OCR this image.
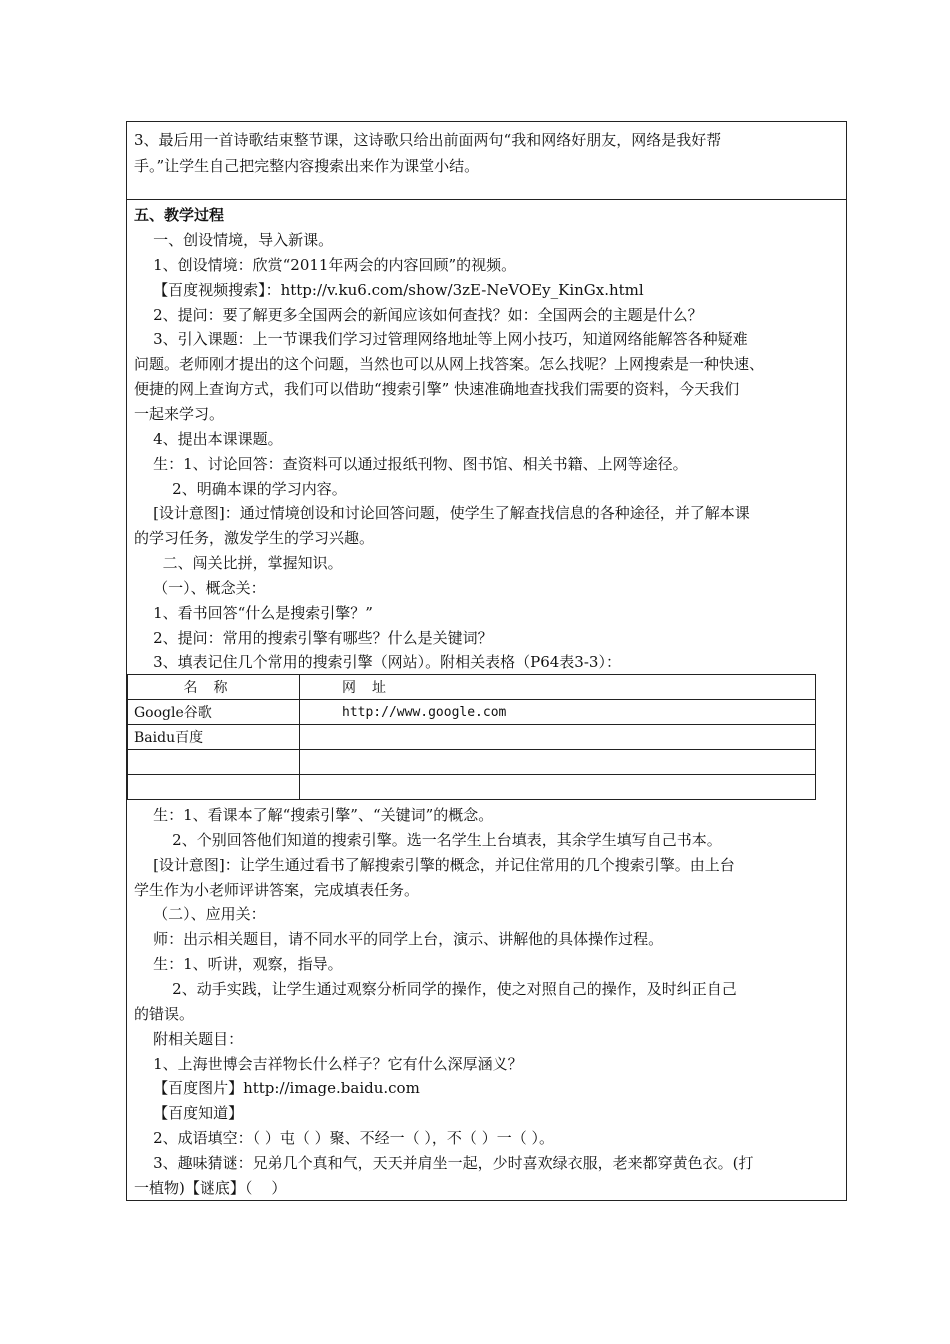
3、最后用一首诗歌结束整节课，这诗歌只给出前面两句“我和网络好朋友，网络是我好帮

手。”让学生自己把完整内容搜索出来作为课堂小结。

五、教学过程

一、创设情境，导入新课。

1、创设情境：欣赏“2011年两会的内容回顾”的视频。

【百度视频搜索】：http://v.ku6.com/show/3zE-NeVOEy_KinGx.html

2、提问：要了解更多全国两会的新闻应该如何查找？如：全国两会的主题是什么？

3、引入课题：上一节课我们学习过管理网络地址等上网小技巧，知道网络能解答各种疑难

问题。老师刚才提出的这个问题，当然也可以从网上找答案。怎么找呢？上网搜索是一种快速、

便捷的网上查询方式，我们可以借助“搜索引擎” 快速准确地查找我们需要的资料，今天我们

一起来学习。

4、提出本课课题。

生：1、讨论回答：查资料可以通过报纸刊物、图书馆、相关书籍、上网等途径。

2、明确本课的学习内容。

[设计意图]：通过情境创设和讨论回答问题，使学生了解查找信息的各种途径，并了解本课

的学习任务，激发学生的学习兴趣。

二、闯关比拼，掌握知识。

（一）、概念关：

1、看书回答“什么是搜索引擎？”

2、提问：常用的搜索引擎有哪些？什么是关键词？

3、填表记住几个常用的搜索引擎（网站）。附相关表格（P64表3-3）：

名称	网址
Google谷歌	http://www.google.com
Baidu百度	

生：1、看课本了解“搜索引擎”、“关键词”的概念。

2、个别回答他们知道的搜索引擎。选一名学生上台填表，其余学生填写自己书本。

[设计意图]：让学生通过看书了解搜索引擎的概念，并记住常用的几个搜索引擎。由上台

学生作为小老师评讲答案，完成填表任务。

（二）、应用关：

师：出示相关题目，请不同水平的同学上台，演示、讲解他的具体操作过程。

生：1、听讲，观察，指导。

2、动手实践，让学生通过观察分析同学的操作，使之对照自己的操作，及时纠正自己

的错误。

附相关题目：

1、上海世博会吉祥物长什么样子？它有什么深厚涵义？

【百度图片】http://image.baidu.com

【百度知道】

2、成语填空：（ ）屯（ ）聚、不经一（ ），不（ ）一（ ）。

3、趣味猜谜：兄弟几个真和气，天天并肩坐一起，少时喜欢绿衣服，老来都穿黄色衣。(打

一植物)【谜底】（    ）
